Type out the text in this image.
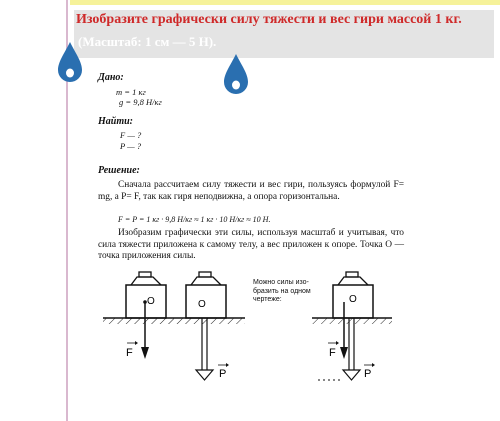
Изобразите графически силу тяжести и вес гири массой 1 кг.
(Масштаб: 1 см — 5 Н).
Дано:
m = 1 кг
g = 9,8 Н/кг
Найти:
F — ?
P — ?
Решение:
Сначала рассчитаем силу тяжести и вес гири, пользуясь формулой F= mg, а P= F, так как гиря неподвижна, а опора горизонтальна.
F = P = 1 кг · 9,8 Н/кг ≈ 1 кг · 10 Н/кг ≈ 10 Н.
Изобразим графически эти силы, используя масштаб и учитывая, что сила тяжести приложена к самому телу, а вес приложен к опоре. Точка O — точка приложения силы.
Можно силы изо-
бразить на одном
чертеже:
O
F
O
P
O
F
P
